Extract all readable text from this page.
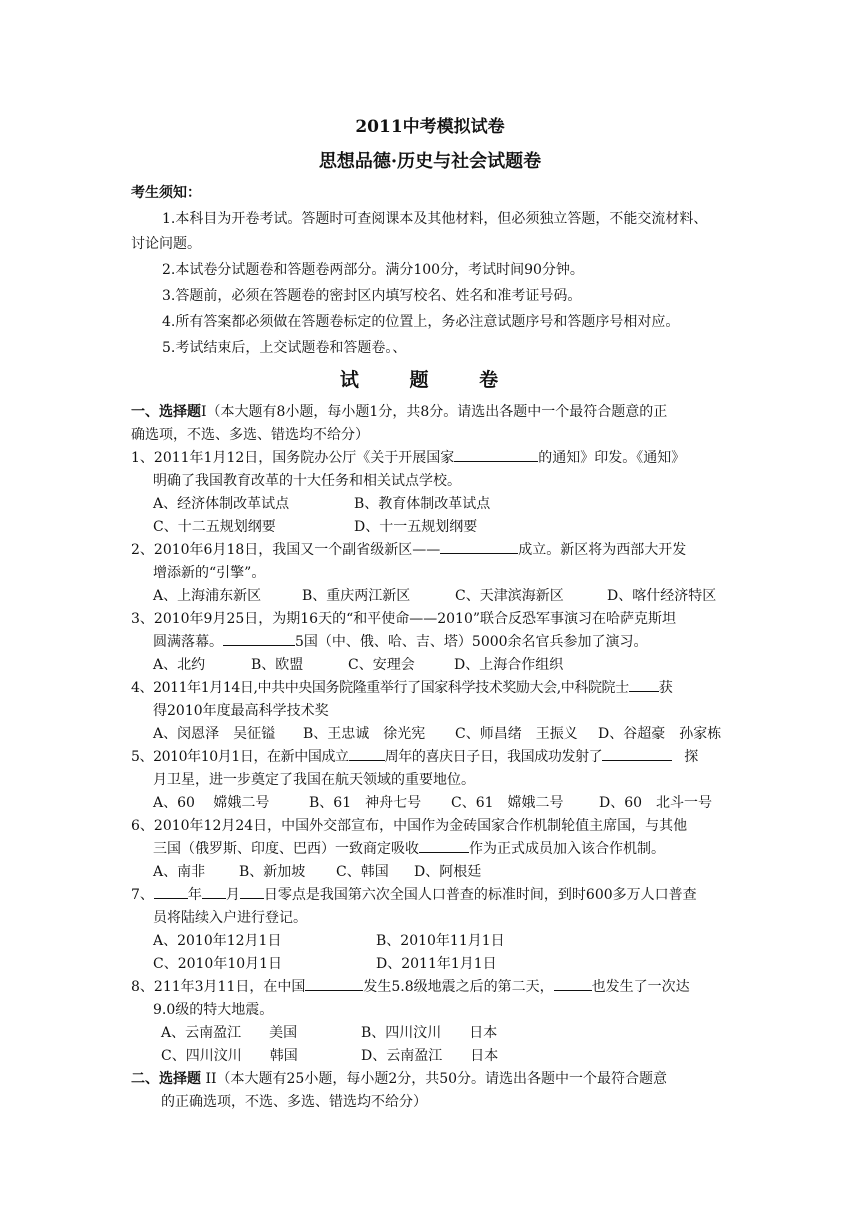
2011中考模拟试卷
思想品德·历史与社会试题卷
考生须知：
1.本科目为开卷考试。答题时可查阅课本及其他材料，但必须独立答题，不能交流材料、
讨论问题。
2.本试卷分试题卷和答题卷两部分。满分100分，考试时间90分钟。
3.答题前，必须在答题卷的密封区内填写校名、姓名和准考证号码。
4.所有答案都必须做在答题卷标定的位置上，务必注意试题序号和答题序号相对应。
5.考试结束后，上交试题卷和答题卷。、
试 题 卷
一、选择题I（本大题有8小题，每小题1分，共8分。请选出各题中一个最符合题意的正
确选项，不选、多选、错选均不给分）
1、2011年1月12日，国务院办公厅《关于开展国家	的通知》印发。《通知》
明确了我国教育改革的十大任务和相关试点学校。
A、经济体制改革试点	B、教育体制改革试点
C、十二五规划纲要	D、十一五规划纲要
2、2010年6月18日，我国又一个副省级新区——	成立。新区将为西部大开发
增添新的“引擎”。
A、上海浦东新区	B、重庆两江新区	C、天津滨海新区	D、喀什经济特区
3、2010年9月25日，为期16天的“和平使命——2010”联合反恐军事演习在哈萨克斯坦
圆满落幕。	5国（中、俄、哈、吉、塔）5000余名官兵参加了演习。
A、北约	B、欧盟	C、安理会	D、上海合作组织
4、2011年1月14日,中共中央国务院隆重举行了国家科学技术奖励大会,中科院院士 获
得2010年度最高科学技术奖
A、闵恩泽　吴征镒 B、王忠诚　徐光宪 C、师昌绪　王振义 D、谷超豪　孙家栋
5、2010年10月1日，在新中国成立	周年的喜庆日子日，我国成功发射了	探
月卫星，进一步奠定了我国在航天领域的重要地位。
A、60　 嫦娥二号	B、61　神舟七号 C、61　嫦娥二号	D、60　北斗一号
6、2010年12月24日，中国外交部宣布，中国作为金砖国家合作机制轮值主席国，与其他
三国（俄罗斯、印度、巴西）一致商定吸收	作为正式成员加入该合作机制。
A、南非 B、新加坡 C、韩国 D、阿根廷
7、 年 月 日零点是我国第六次全国人口普查的标准时间，到时600多万人口普查
员将陆续入户进行登记。
A、2010年12月1日	B、2010年11月1日
C、2010年10月1日	D、2011年1月1日
8、211年3月11日，在中国	发生5.8级地震之后的第二天，	也发生了一次达
9.0级的特大地震。
A、云南盈江　　美国	B、四川汶川　　日本
C、四川汶川　　韩国	D、云南盈江　　日本
二、选择题 II（本大题有25小题，每小题2分，共50分。请选出各题中一个最符合题意
的正确选项，不选、多选、错选均不给分）
